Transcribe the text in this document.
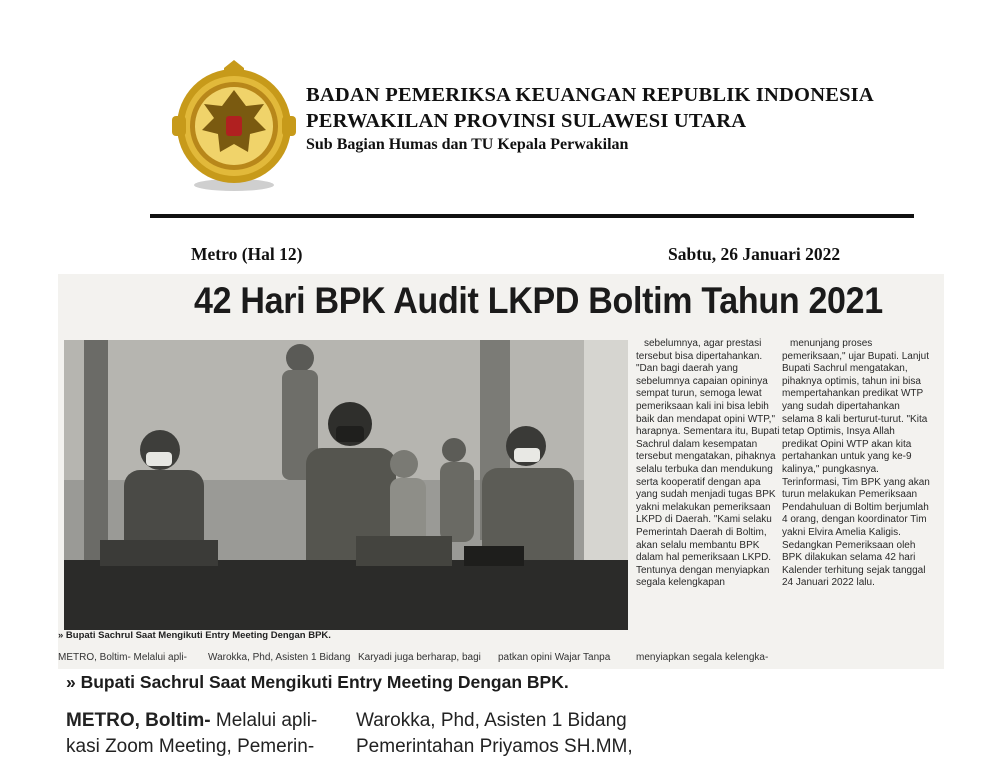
BADAN PEMERIKSA KEUANGAN REPUBLIK INDONESIA
PERWAKILAN PROVINSI SULAWESI UTARA
Sub Bagian Humas dan TU Kepala Perwakilan
Metro (Hal 12)	Sabtu, 26 Januari 2022
42 Hari BPK Audit LKPD Boltim Tahun 2021
» Bupati Sachrul Saat Mengikuti Entry Meeting Dengan BPK.

sebelumnya, agar prestasi tersebut bisa dipertahankan. "Dan bagi daerah yang sebelumnya capaian opininya sempat turun, semoga lewat pemeriksaan kali ini bisa lebih baik dan mendapat opini WTP," harapnya. Sementara itu, Bupati Sachrul dalam kesempatan tersebut mengatakan, pihaknya selalu terbuka dan mendukung serta kooperatif dengan apa yang sudah menjadi tugas BPK yakni melakukan pemeriksaan LKPD di Daerah. "Kami selaku Pemerintah Daerah di Boltim, akan selalu membantu BPK dalam hal pemeriksaan LKPD. Tentunya dengan menyiapkan segala kelengkapan

menunjang proses pemeriksaan," ujar Bupati. Lanjut Bupati Sachrul mengatakan, pihaknya optimis, tahun ini bisa mempertahankan predikat WTP yang sudah dipertahankan selama 8 kali berturut-turut. "Kita tetap Optimis, Insya Allah predikat Opini WTP akan kita pertahankan untuk yang ke-9 kalinya," pungkasnya. Terinformasi, Tim BPK yang akan turun melakukan Pemeriksaan Pendahuluan di Boltim berjumlah 4 orang, dengan koordinator Tim yakni Elvira Amelia Kaligis. Sedangkan Pemeriksaan oleh BPK dilakukan selama 42 hari Kalender terhitung sejak tanggal 24 Januari 2022 lalu.

METRO, Boltim- Melalui apli- Warokka, Phd, Asisten 1 Bidang Karyadi juga berharap, bagi patkan opini Wajar Tanpa	menyiapkan segala kelengka-
» Bupati Sachrul Saat Mengikuti Entry Meeting Dengan BPK.
METRO, Boltim- Melalui apli-
kasi Zoom Meeting, Pemerin-
Warokka, Phd, Asisten 1 Bidang
Pemerintahan Priyamos SH.MM,
